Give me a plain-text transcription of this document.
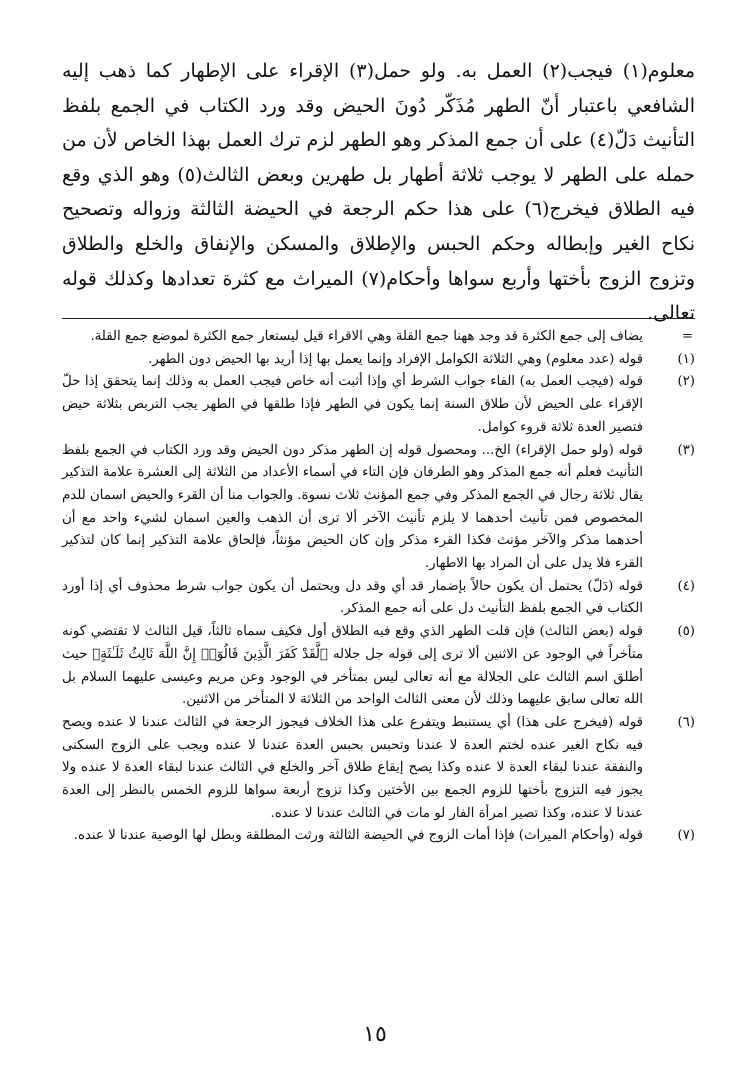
معلوم(١) فيجب(٢) العمل به. ولو حمل(٣) الإقراء على الإطهار كما ذهب إليه الشافعي باعتبار أنّ الطهر مُذَكّر دُونَ الحيض وقد ورد الكتاب في الجمع بلفظ التأنيث دَلّ(٤) على أن جمع المذكر وهو الطهر لزم ترك العمل بهذا الخاص لأن من حمله على الطهر لا يوجب ثلاثة أطهار بل طهرين وبعض الثالث(٥) وهو الذي وقع فيه الطلاق فيخرج(٦) على هذا حكم الرجعة في الحيضة الثالثة وزواله وتصحيح نكاح الغير وإبطاله وحكم الحبس والإطلاق والمسكن والإنفاق والخلع والطلاق وتزوج الزوج بأختها وأربع سواها وأحكام(٧) الميراث مع كثرة تعدادها وكذلك قوله تعالى.

=
يضاف إلى جمع الكثرة قد وجد ههنا جمع القلة وهي الاقراء قيل ليستعار جمع الكثرة لموضع جمع القلة.
(١)
قوله (عدد معلوم) وهي الثلاثة الكوامل الإفراد وإنما يعمل بها إذا أريد بها الحيض دون الطهر.
(٢)
قوله (فيجب العمل به) الفاء جواب الشرط أي وإذا أثبت أنه خاص فيجب العمل به وذلك إنما يتحقق إذا حلّ الإقراء على الحيض لأن طلاق السنة إنما يكون في الطهر فإذا طلقها في الطهر يجب التربص بثلاثة حيض فتصير العدة ثلاثة قروء كوامل.
(٣)
قوله (ولو حمل الإقراء) الخ... ومحصول قوله إن الطهر مذكر دون الحيض وقد ورد الكتاب في الجمع بلفظ التأنيث فعلم أنه جمع المذكر وهو الطرفان فإن التاء في أسماء الأعداد من الثلاثة إلى العشرة علامة التذكير يقال ثلاثة رجال في الجمع المذكر وفي جمع المؤنث ثلاث نسوة. والجواب منا أن القرء والحيض اسمان للدم المخصوص فمن تأنيث أحدهما لا يلزم تأنيث الآخر ألا ترى أن الذهب والعين اسمان لشيء واحد مع أن أحدهما مذكر والآخر مؤنث فكذا القرء مذكر وإن كان الحيض مؤنثاً، فإلحاق علامة التذكير إنما كان لتذكير القرء فلا يدل على أن المراد بها الاطهار.
(٤)
قوله (دَلّ) يحتمل أن يكون حالاً بإضمار قد أي وقد دل ويحتمل أن يكون جواب شرط محذوف أي إذا أورد الكتاب في الجمع بلفظ التأنيث دل على أنه جمع المذكر.
(٥)
قوله (بعض الثالث) فإن قلت الطهر الذي وقع فيه الطلاق أول فكيف سماه ثالثاً، قيل الثالث لا تقتضي كونه متأخراً في الوجود عن الاثنين ألا ترى إلى قوله جل جلاله ﴿لَّقَدْ كَفَرَ الَّذِينَ قَالُوٓا۟ إِنَّ اللَّهَ ثَالِثُ ثَلَـٰثَةٍ﴾ حيث أطلق اسم الثالث على الجلالة مع أنه تعالى ليس بمتأخر في الوجود وعن مريم وعيسى عليهما السلام بل الله تعالى سابق عليهما وذلك لأن معنى الثالث الواحد من الثلاثة لا المتأخر من الاثنين.
(٦)
قوله (فيخرج على هذا) أي يستنبط ويتفرع على هذا الخلاف فيجوز الرجعة في الثالث عندنا لا عنده ويصح فيه نكاح الغير عنده لختم العدة لا عندنا وتحبس بحبس العدة عندنا لا عنده ويجب على الزوج السكنى والنفقة عندنا لبقاء العدة لا عنده وكذا يصح إيقاع طلاق آخر والخلع في الثالث عندنا لبقاء العدة لا عنده ولا يجوز فيه التزوج بأختها للزوم الجمع بين الأختين وكذا تزوج أربعة سواها للزوم الخمس بالنظر إلى العدة عندنا لا عنده، وكذا تصير امرأة الفار لو مات في الثالث عندنا لا عنده.
(٧)
قوله (وأحكام الميراث) فإذا أمات الزوج في الحيضة الثالثة ورثت المطلقة وبطل لها الوصية عندنا لا عنده.
١٥
